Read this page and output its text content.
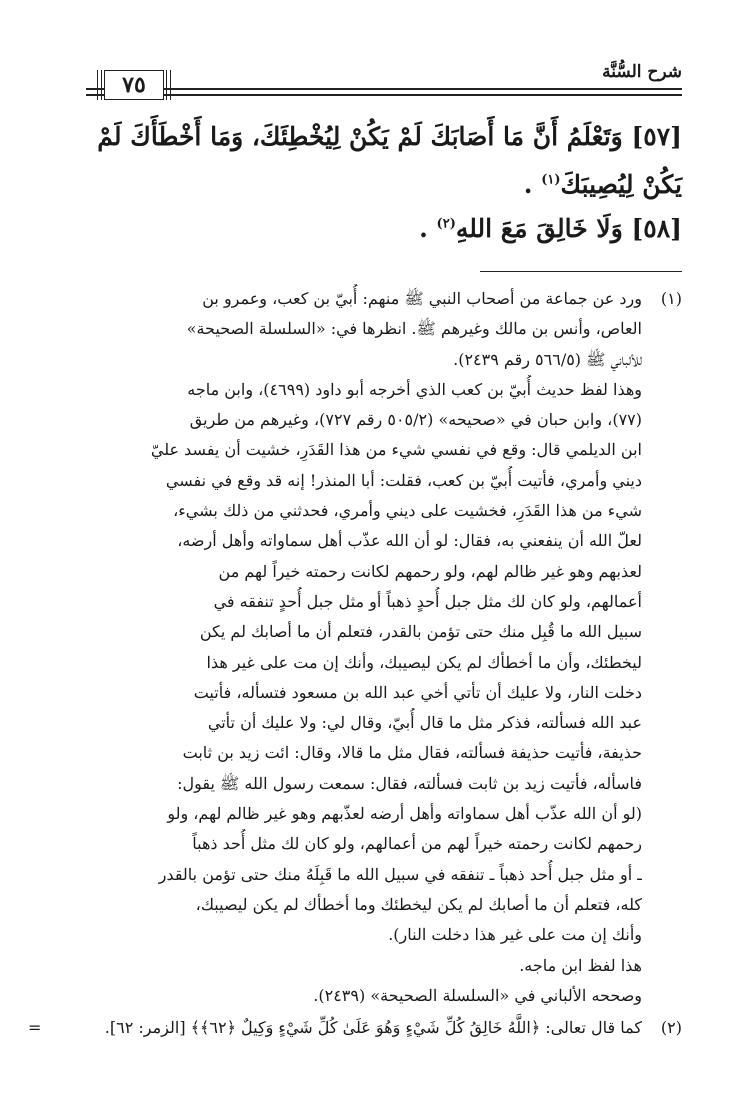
٧٥	شرح السُّنَّة

[٥٧] وَتَعْلَمُ أَنَّ مَا أَصَابَكَ لَمْ يَكُنْ لِيُخْطِئَكَ، وَمَا أَخْطَأَكَ لَمْ

يَكُنْ لِيُصِيبَكَ$^{(١)}$ .

[٥٨] وَلَا خَالِقَ مَعَ اللهِ$^{(٢)}$ .

(١)
ورد عن جماعة من أصحاب النبي ﷺ منهم: أُبيّ بن كعب، وعمرو بن
العاص، وأنس بن مالك وغيرهم ﷺ. انظرها في: «السلسلة الصحيحة»
للألباني ﷺ (٥٦٦/٥ رقم ٢٤٣٩).
وهذا لفظ حديث أُبيّ بن كعب الذي أخرجه أبو داود (٤٦٩٩)، وابن ماجه
(٧٧)، وابن حبان في «صحيحه» (٥٠٥/٢ رقم ٧٢٧)، وغيرهم من طريق
ابن الديلمي قال: وقع في نفسي شيء من هذا القَدَرِ، خشيت أن يفسد عليّ
ديني وأمري، فأتيت أُبيّ بن كعب، فقلت: أبا المنذر! إنه قد وقع في نفسي
شيء من هذا القَدَرِ، فخشيت على ديني وأمري، فحدثني من ذلك بشيء،
لعلّ الله أن ينفعني به، فقال: لو أن الله عذّب أهل سماواته وأهل أرضه،
لعذبهم وهو غير ظالم لهم، ولو رحمهم لكانت رحمته خيراً لهم من
أعمالهم، ولو كان لك مثل جبل أُحدٍ ذهباً أو مثل جبل أُحدٍ تنفقه في
سبيل الله ما قُبِل منك حتى تؤمن بالقدر، فتعلم أن ما أصابك لم يكن
ليخطئك، وأن ما أخطأك لم يكن ليصيبك، وأنك إن مت على غير هذا
دخلت النار، ولا عليك أن تأتي أخي عبد الله بن مسعود فتسأله، فأتيت
عبد الله فسألته، فذكر مثل ما قال أُبيّ، وقال لي: ولا عليك أن تأتي
حذيفة، فأتيت حذيفة فسألته، فقال مثل ما قالا، وقال: ائت زيد بن ثابت
فاسأله، فأتيت زيد بن ثابت فسألته، فقال: سمعت رسول الله ﷺ يقول:
(لو أن الله عذّب أهل سماواته وأهل أرضه لعذّبهم وهو غير ظالم لهم، ولو
رحمهم لكانت رحمته خيراً لهم من أعمالهم، ولو كان لك مثل أُحد ذهباً
ـ أو مثل جبل أُحد ذهباً ـ تنفقه في سبيل الله ما قَبِلَهُ منك حتى تؤمن بالقدر
كله، فتعلم أن ما أصابك لم يكن ليخطئك وما أخطأك لم يكن ليصيبك،
وأنك إن مت على غير هذا دخلت النار).
هذا لفظ ابن ماجه.
وصححه الألباني في «السلسلة الصحيحة» (٢٤٣٩).
(٢)
كما قال تعالى: ﴿اللَّهُ خَالِقُ كُلِّ شَيْءٍ وَهُوَ عَلَىٰ كُلِّ شَيْءٍ وَكِيلٌ ﴿٦٢﴾﴾ [الزمر: ٦٢].
=
